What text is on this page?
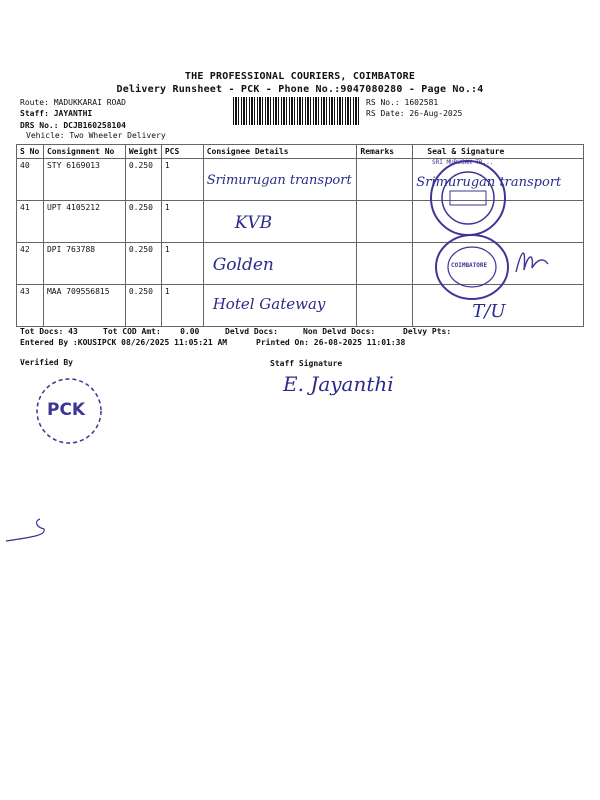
THE PROFESSIONAL COURIERS, COIMBATORE
Delivery Runsheet - PCK - Phone No.:9047080280 - Page No.:4
Route: MADUKKARAI ROAD
Staff: JAYANTHI
DRS No.: DCJB160258104
Vehicle: Two Wheeler Delivery
RS No.: 1602581
RS Date: 26-Aug-2025
S No	Consignment No	Weight	PCS	Consignee Details	Remarks	Seal & Signature
40	STY 6169013	0.250	1	Srimurugan transport		Srimurugan transport
41	UPT 4105212	0.250	1	KVB		
42	DPI 763788	0.250	1	Golden		
43	MAA 709556815	0.250	1	Hotel Gateway		T/U
SRI MURUGAN TR...
COIMBATORE
Tot Docs: 43	Tot COD Amt:    0.00	Delvd Docs:	Non Delvd Docs:	Delvy Pts:
Entered By :KOUSIPCK 08/26/2025 11:05:21 AM	Printed On: 26-08-2025 11:01:38
Verified By	Staff Signature
E. Jayanthi
PCK
